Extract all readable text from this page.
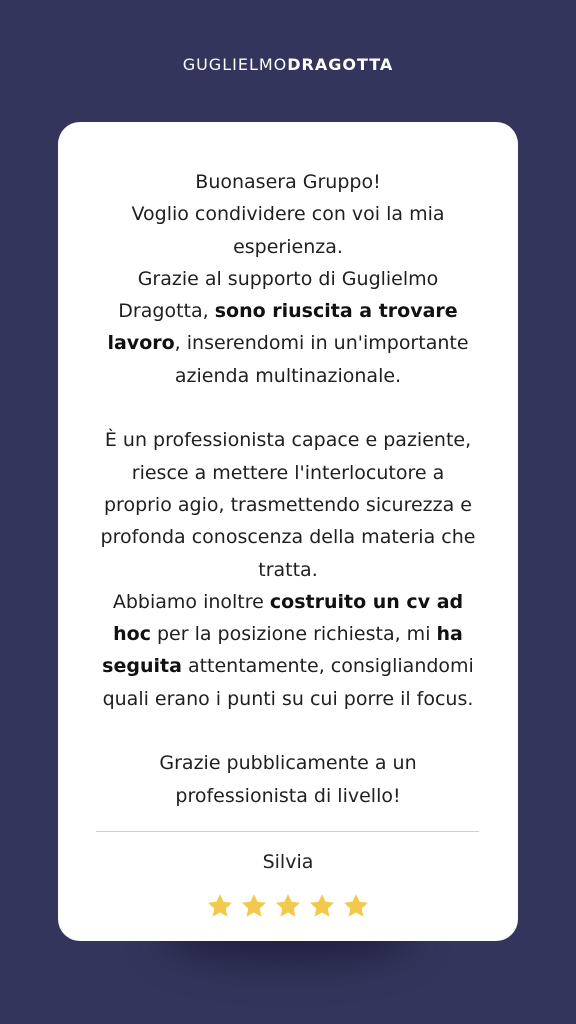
GUGLIELMODRAGOTTA
Buonasera Gruppo!
Voglio condividere con voi la mia
esperienza.
Grazie al supporto di Guglielmo
Dragotta, sono riuscita a trovare
lavoro, inserendomi in un'importante
azienda multinazionale.
È un professionista capace e paziente,
riesce a mettere l'interlocutore a
proprio agio, trasmettendo sicurezza e
profonda conoscenza della materia che
tratta.
Abbiamo inoltre costruito un cv ad
hoc per la posizione richiesta, mi ha
seguita attentamente, consigliandomi
quali erano i punti su cui porre il focus.
Grazie pubblicamente a un
professionista di livello!
Silvia
